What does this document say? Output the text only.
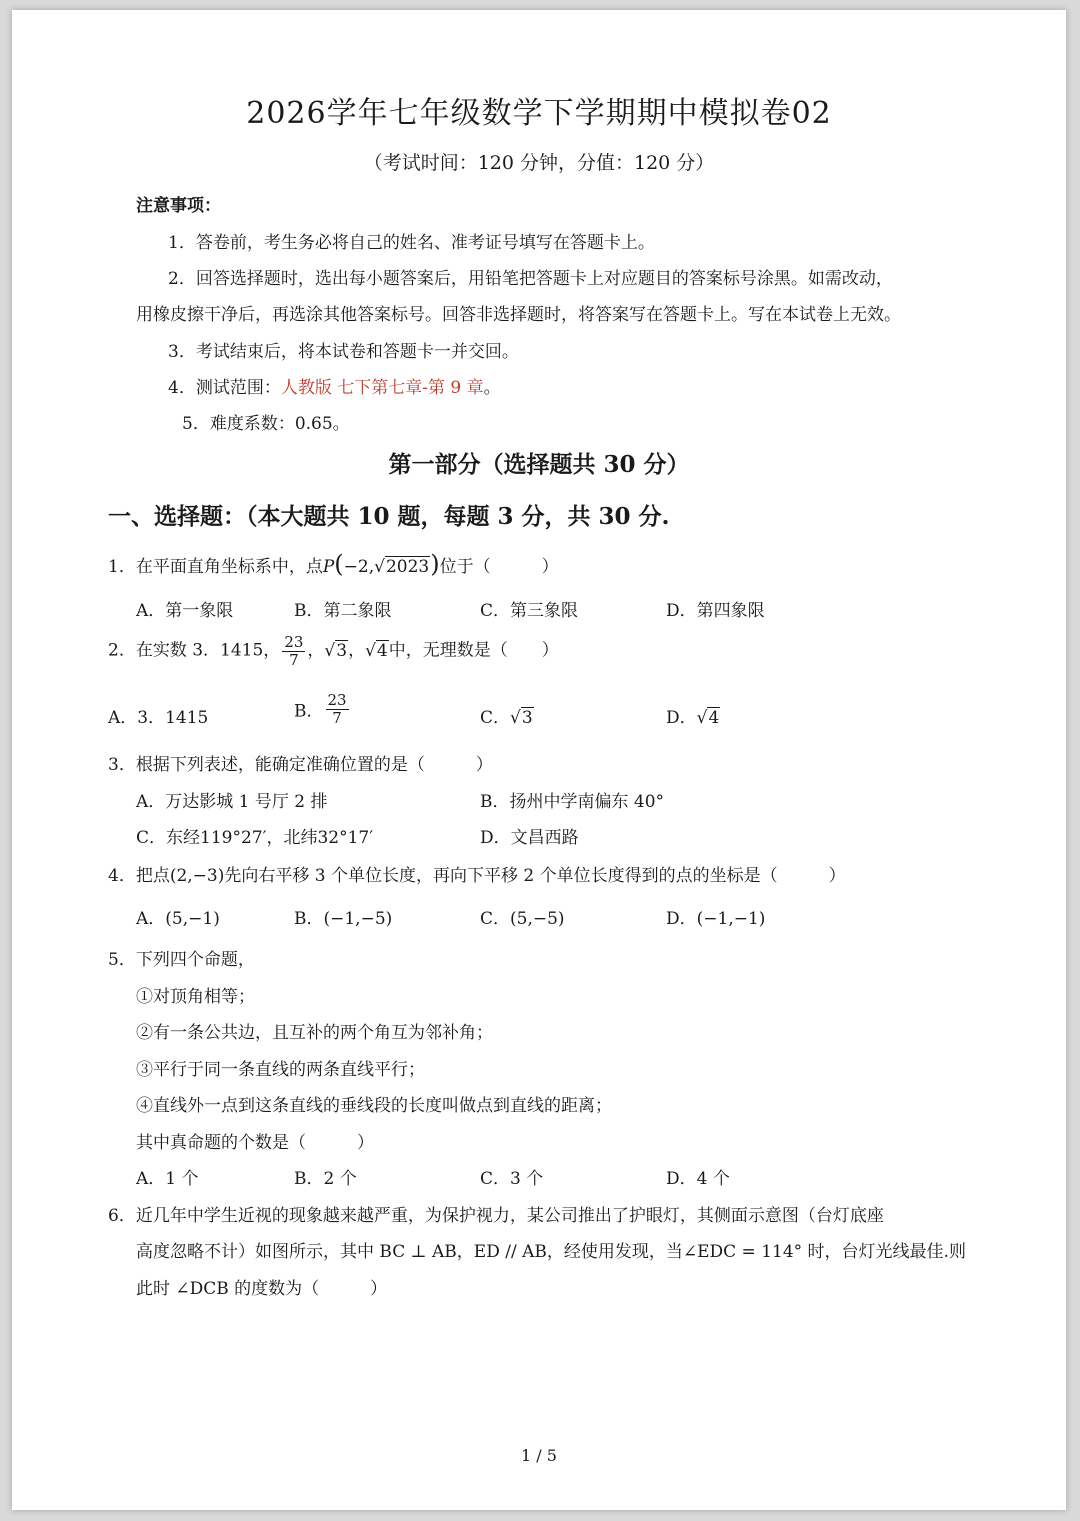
2026学年七年级数学下学期期中模拟卷02
（考试时间：120 分钟，分值：120 分）
注意事项：
1．答卷前，考生务必将自己的姓名、准考证号填写在答题卡上。
2．回答选择题时，选出每小题答案后，用铅笔把答题卡上对应题目的答案标号涂黑。如需改动，
用橡皮擦干净后，再选涂其他答案标号。回答非选择题时，将答案写在答题卡上。写在本试卷上无效。
3．考试结束后，将本试卷和答题卡一并交回。
4．测试范围：人教版 七下第七章-第 9 章。
5．难度系数：0.65。
第一部分（选择题共 30 分）
一、选择题：（本大题共 10 题，每题 3 分，共 30 分.
1．在平面直角坐标系中，点P(−2,√2023)位于（　　　）
A．第一象限	B．第二象限	C．第三象限	D．第四象限
2．在实数 3．1415， $\frac{23}{7}$ ，√3，√4中，无理数是（　　）
A．3．1415	B． $\frac{23}{7}$	C．√3	D．√4
3．根据下列表述，能确定准确位置的是（　　　）
A．万达影城 1 号厅 2 排	B．扬州中学南偏东 40°
C．东经119°27′，北纬32°17′	D．文昌西路
4．把点(2,−3)先向右平移 3 个单位长度，再向下平移 2 个单位长度得到的点的坐标是（　　　）
A．(5,−1)	B．(−1,−5)	C．(5,−5)	D．(−1,−1)
5．下列四个命题，
①对顶角相等；
②有一条公共边，且互补的两个角互为邻补角；
③平行于同一条直线的两条直线平行；
④直线外一点到这条直线的垂线段的长度叫做点到直线的距离；
其中真命题的个数是（　　　）
A．1 个	B．2 个	C．3 个	D．4 个
6．近几年中学生近视的现象越来越严重，为保护视力，某公司推出了护眼灯，其侧面示意图（台灯底座
高度忽略不计）如图所示，其中 BC ⊥ AB，ED // AB，经使用发现，当∠EDC = 114° 时，台灯光线最佳.则
此时 ∠DCB 的度数为（　　　）
1 / 5
